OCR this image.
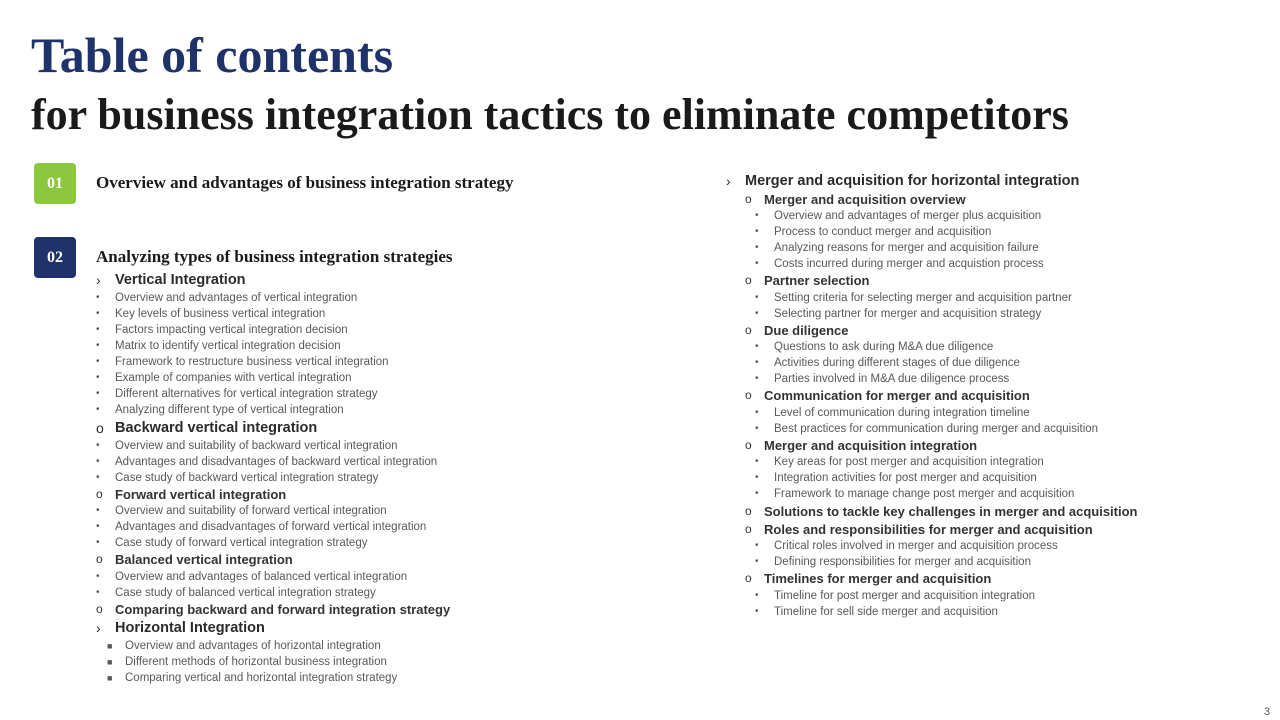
Table of contents
for business integration tactics to eliminate competitors
01	Overview and advantages of business integration strategy
02	Analyzing types of business integration strategies
› Vertical Integration
• Overview and advantages of vertical integration
• Key levels of business vertical integration
• Factors impacting vertical integration decision
• Matrix to identify vertical integration decision
• Framework to restructure business vertical integration
• Example of companies with vertical integration
• Different alternatives for vertical integration strategy
• Analyzing different type of vertical integration
o Backward vertical integration
• Overview and suitability of backward vertical integration
• Advantages and disadvantages of backward vertical integration
• Case study of backward vertical integration strategy
o Forward vertical integration
• Overview and suitability of forward vertical integration
• Advantages and disadvantages of forward vertical integration
• Case study of forward vertical integration strategy
o Balanced vertical integration
• Overview and advantages of balanced vertical integration
• Case study of balanced vertical integration strategy
o Comparing backward and forward integration strategy
› Horizontal Integration
■ Overview and advantages of horizontal integration
■ Different methods of horizontal business integration
■ Comparing vertical and horizontal integration strategy
› Merger and acquisition for horizontal integration
o Merger and acquisition overview
• Overview and advantages of merger plus acquisition
• Process to conduct merger and acquisition
• Analyzing reasons for merger and acquisition failure
• Costs incurred during merger and acquistion process
o Partner selection
• Setting criteria for selecting merger and acquisition partner
• Selecting partner for merger and acquisition strategy
o Due diligence
• Questions to ask during M&A due diligence
• Activities during different stages of due diligence
• Parties involved in M&A due diligence process
o Communication for merger and acquisition
• Level of communication during integration timeline
• Best practices for communication during merger and acquisition
o Merger and acquisition integration
• Key areas for post merger and acquisition integration
• Integration activities for post merger and acquisition
• Framework to manage change post merger and acquisition
o Solutions to tackle key challenges in merger and acquisition
o Roles and responsibilities for merger and acquisition
• Critical roles involved in merger and acquisition process
• Defining responsibilities for merger and acquisition
o Timelines for merger and acquisition
• Timeline for post merger and acquisition integration
• Timeline for sell side merger and acquisition
3
